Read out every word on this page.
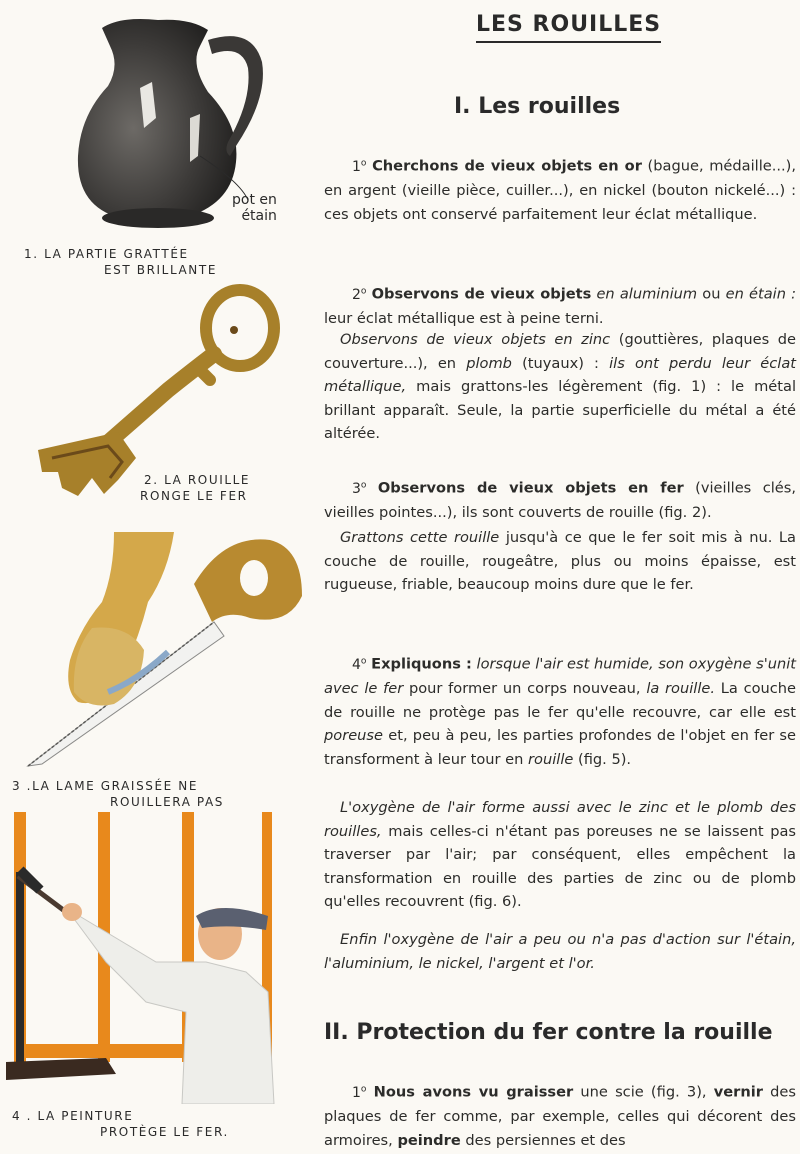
pot en
étain
1. LA PARTIE GRATTÉE
EST BRILLANTE
2. LA ROUILLE
RONGE LE FER
3 .LA LAME GRAISSÉE NE
ROUILLERA PAS
4 . LA PEINTURE
PROTÈGE LE FER.
LES ROUILLES
I. Les rouilles

1$^o$ Cherchons de vieux objets en or (bague, médaille...), en argent (vieille pièce, cuiller...), en nickel (bouton nickelé...) : ces objets ont conservé parfaitement leur éclat métallique.

2$^o$ Observons de vieux objets en aluminium ou en étain : leur éclat métallique est à peine terni.

Observons de vieux objets en zinc (gouttières, plaques de couverture...), en plomb (tuyaux) : ils ont perdu leur éclat métallique, mais grattons-les légèrement (fig. 1) : le métal brillant apparaît. Seule, la partie superficielle du métal a été altérée.

3$^o$ Observons de vieux objets en fer (vieilles clés, vieilles pointes...), ils sont couverts de rouille (fig. 2).

Grattons cette rouille jusqu'à ce que le fer soit mis à nu. La couche de rouille, rougeâtre, plus ou moins épaisse, est rugueuse, friable, beaucoup moins dure que le fer.

4$^o$ Expliquons : lorsque l'air est humide, son oxygène s'unit avec le fer pour former un corps nouveau, la rouille. La couche de rouille ne protège pas le fer qu'elle recouvre, car elle est poreuse et, peu à peu, les parties profondes de l'objet en fer se transforment à leur tour en rouille (fig. 5).

L'oxygène de l'air forme aussi avec le zinc et le plomb des rouilles, mais celles-ci n'étant pas poreuses ne se laissent pas traverser par l'air; par conséquent, elles empêchent la transformation en rouille des parties de zinc ou de plomb qu'elles recouvrent (fig. 6).

Enfin l'oxygène de l'air a peu ou n'a pas d'action sur l'étain, l'aluminium, le nickel, l'argent et l'or.

II. Protection du fer contre la rouille

1$^o$ Nous avons vu graisser une scie (fig. 3), vernir des plaques de fer comme, par exemple, celles qui décorent des armoires, peindre des persiennes et des
